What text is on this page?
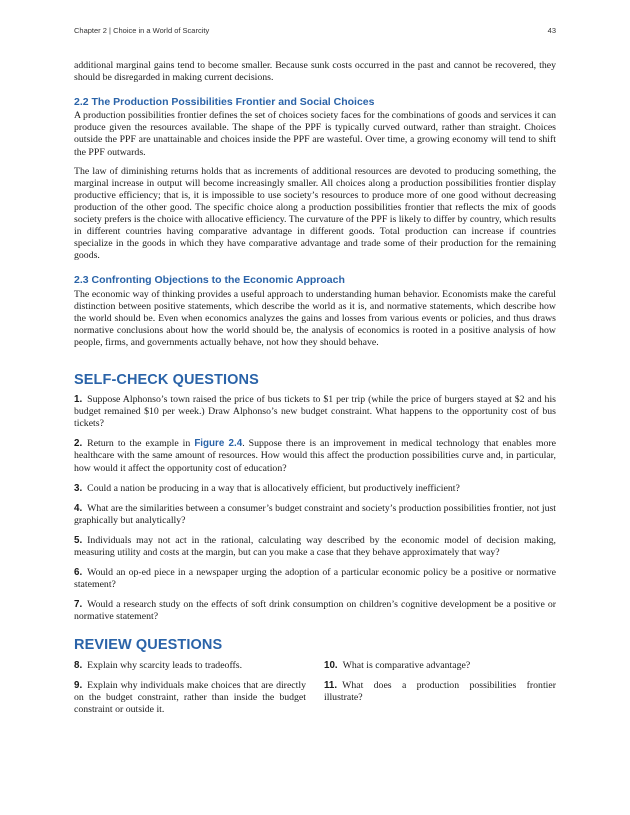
Chapter 2 | Choice in a World of Scarcity	43

additional marginal gains tend to become smaller. Because sunk costs occurred in the past and cannot be recovered, they should be disregarded in making current decisions.

2.2 The Production Possibilities Frontier and Social Choices

A production possibilities frontier defines the set of choices society faces for the combinations of goods and services it can produce given the resources available. The shape of the PPF is typically curved outward, rather than straight. Choices outside the PPF are unattainable and choices inside the PPF are wasteful. Over time, a growing economy will tend to shift the PPF outwards.

The law of diminishing returns holds that as increments of additional resources are devoted to producing something, the marginal increase in output will become increasingly smaller. All choices along a production possibilities frontier display productive efficiency; that is, it is impossible to use society’s resources to produce more of one good without decreasing production of the other good. The specific choice along a production possibilities frontier that reflects the mix of goods society prefers is the choice with allocative efficiency. The curvature of the PPF is likely to differ by country, which results in different countries having comparative advantage in different goods. Total production can increase if countries specialize in the goods in which they have comparative advantage and trade some of their production for the remaining goods.

2.3 Confronting Objections to the Economic Approach

The economic way of thinking provides a useful approach to understanding human behavior. Economists make the careful distinction between positive statements, which describe the world as it is, and normative statements, which describe how the world should be. Even when economics analyzes the gains and losses from various events or policies, and thus draws normative conclusions about how the world should be, the analysis of economics is rooted in a positive analysis of how people, firms, and governments actually behave, not how they should behave.

SELF-CHECK QUESTIONS

1. Suppose Alphonso’s town raised the price of bus tickets to $1 per trip (while the price of burgers stayed at $2 and his budget remained $10 per week.) Draw Alphonso’s new budget constraint. What happens to the opportunity cost of bus tickets?

2. Return to the example in Figure 2.4. Suppose there is an improvement in medical technology that enables more healthcare with the same amount of resources. How would this affect the production possibilities curve and, in particular, how would it affect the opportunity cost of education?

3. Could a nation be producing in a way that is allocatively efficient, but productively inefficient?

4. What are the similarities between a consumer’s budget constraint and society’s production possibilities frontier, not just graphically but analytically?

5. Individuals may not act in the rational, calculating way described by the economic model of decision making, measuring utility and costs at the margin, but can you make a case that they behave approximately that way?

6. Would an op-ed piece in a newspaper urging the adoption of a particular economic policy be a positive or normative statement?

7. Would a research study on the effects of soft drink consumption on children’s cognitive development be a positive or normative statement?

REVIEW QUESTIONS

8. Explain why scarcity leads to tradeoffs.

9. Explain why individuals make choices that are directly on the budget constraint, rather than inside the budget constraint or outside it.

10. What is comparative advantage?

11. What does a production possibilities frontier illustrate?
